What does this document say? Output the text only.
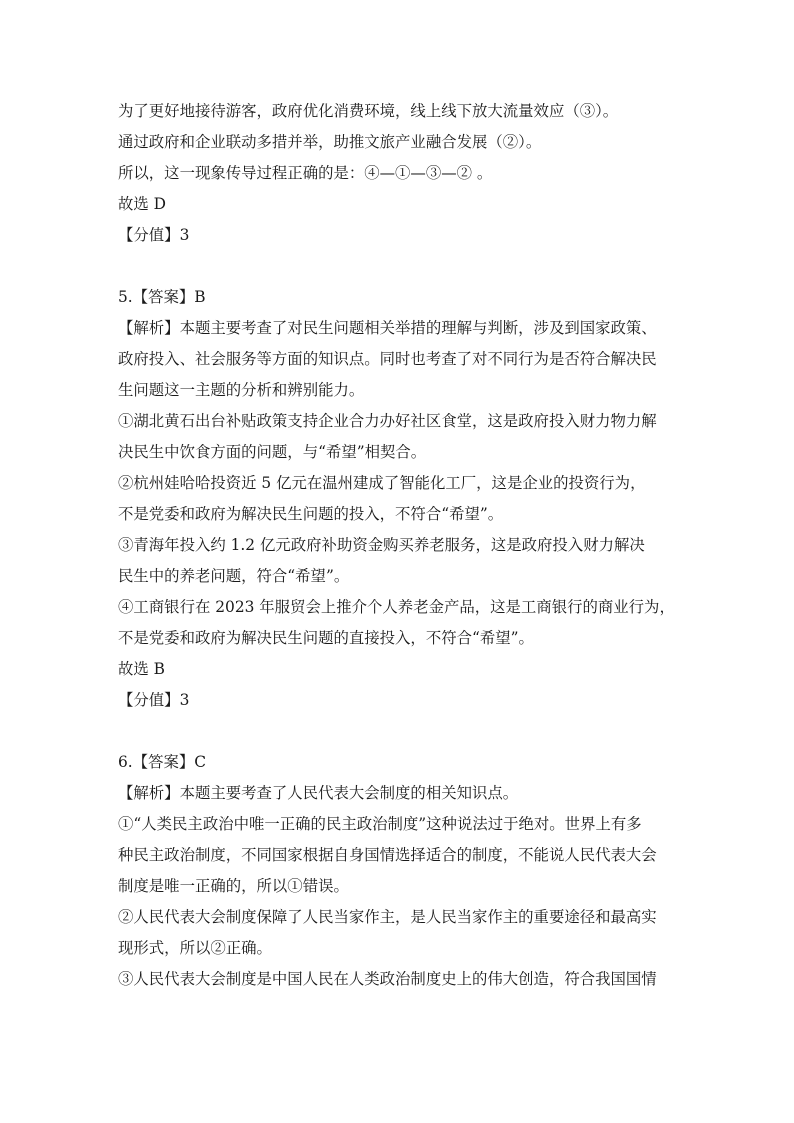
为了更好地接待游客，政府优化消费环境，线上线下放大流量效应（③）。
通过政府和企业联动多措并举，助推文旅产业融合发展（②）。
所以，这一现象传导过程正确的是：④—①—③—② 。
故选 D
【分值】3
5.【答案】B
【解析】本题主要考查了对民生问题相关举措的理解与判断，涉及到国家政策、
政府投入、社会服务等方面的知识点。同时也考查了对不同行为是否符合解决民
生问题这一主题的分析和辨别能力。
①湖北黄石出台补贴政策支持企业合力办好社区食堂，这是政府投入财力物力解
决民生中饮食方面的问题，与“希望”相契合。
②杭州娃哈哈投资近 5 亿元在温州建成了智能化工厂，这是企业的投资行为，
不是党委和政府为解决民生问题的投入，不符合“希望”。
③青海年投入约 1.2 亿元政府补助资金购买养老服务，这是政府投入财力解决
民生中的养老问题，符合“希望”。
④工商银行在 2023 年服贸会上推介个人养老金产品，这是工商银行的商业行为，
不是党委和政府为解决民生问题的直接投入，不符合“希望”。
故选 B
【分值】3
6.【答案】C
【解析】本题主要考查了人民代表大会制度的相关知识点。
①“人类民主政治中唯一正确的民主政治制度”这种说法过于绝对。世界上有多
种民主政治制度，不同国家根据自身国情选择适合的制度，不能说人民代表大会
制度是唯一正确的，所以①错误。
②人民代表大会制度保障了人民当家作主，是人民当家作主的重要途径和最高实
现形式，所以②正确。
③人民代表大会制度是中国人民在人类政治制度史上的伟大创造，符合我国国情
